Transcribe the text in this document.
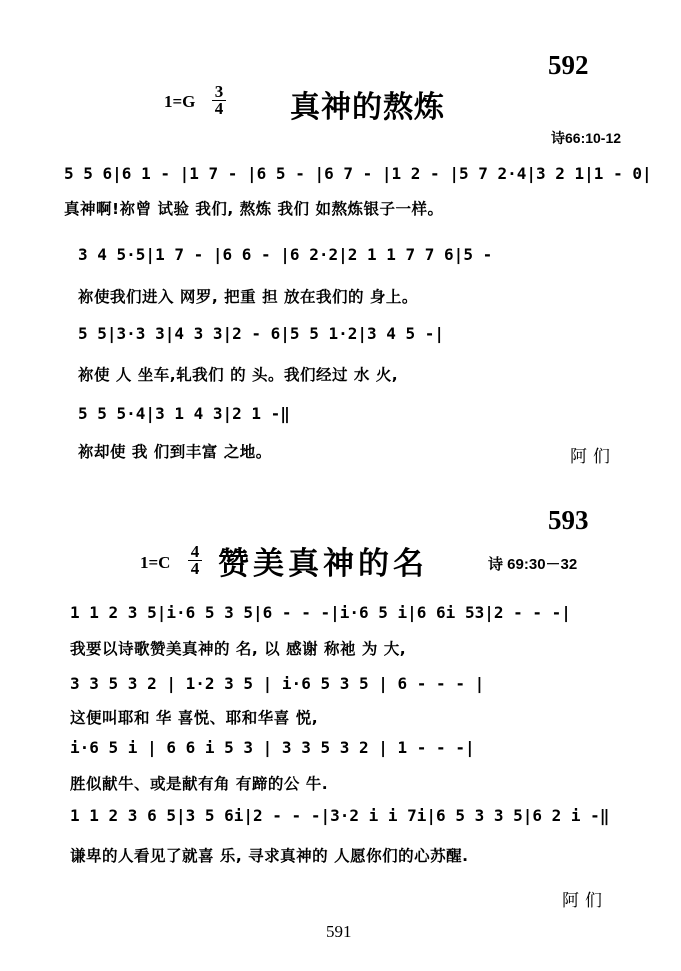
592
$1=G \frac{3}{4}$ 真神的熬炼
诗66:10-12
5 5 6|6 1 - |1 7 - |6 5 - |6 7 - |1 2 - |5 7 2·4|3 2 1|1 - 0|
真神啊!祢曾 试验 我们, 熬炼 我们 如熬炼银子一样。
3 4 5·5|1 7 - |6 6 - |6 2·2|2 1 1 7 7 6|5 -
祢使我们进入 网罗, 把重 担 放在我们的 身上。
5 5|3·3 3|4 3 3|2 - 6|5 5 1·2|3 4 5 -|
祢使 人 坐车,轧我们 的 头。我们经过 水 火,
5 5 5·4|3 1 4 3|2 1 -‖
祢却使 我 们到丰富 之地。	阿们
593
$1=C \frac{4}{4}$ 赞美真神的名	诗 69:30－32
1 1 2 3 5|i·6 5 3 5|6 - - -|i·6 5 i|6 6i 53|2 - - -|
我要以诗歌赞美真神的 名, 以 感谢 称祂 为 大,
3 3 5 3 2 | 1·2 3 5 | i·6 5 3 5 | 6 - - - |
这便叫耶和 华 喜悦、耶和华喜 悦,
i·6 5 i | 6 6 i 5 3 | 3 3 5 3 2 | 1 - - -|
胜似献牛、或是献有角 有蹄的公 牛.
1 1 2 3 6 5|3 5 6i|2 - - -|3·2 i i 7i|6 5 3 3 5|6 2 i -‖
谦卑的人看见了就喜 乐, 寻求真神的 人愿你们的心苏醒.
阿们
591
